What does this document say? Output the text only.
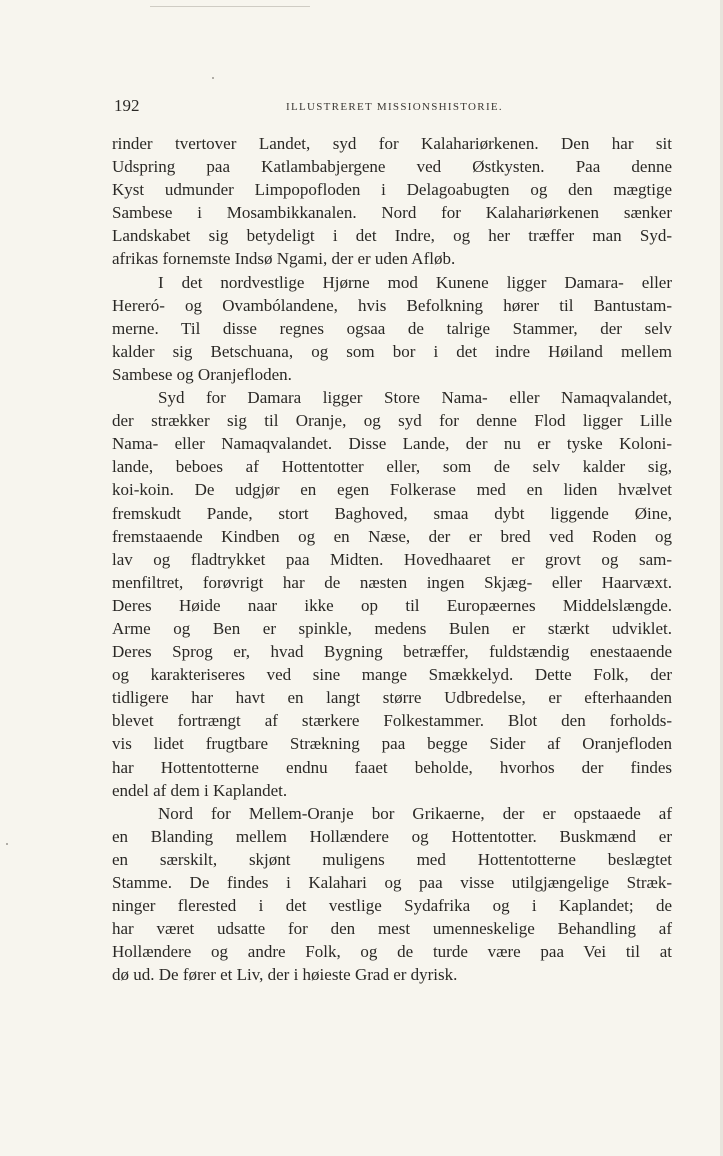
192	ILLUSTRERET MISSIONSHISTORIE.
rinder tvertover Landet, syd for Kalahariørkenen. Den har sit
Udspring paa Katlambabjergene ved Østkysten. Paa denne
Kyst udmunder Limpopofloden i Delagoabugten og den mægtige
Sambese i Mosambikkanalen. Nord for Kalahariørkenen sænker
Landskabet sig betydeligt i det Indre, og her træffer man Syd-
afrikas fornemste Indsø Ngami, der er uden Afløb.
I det nordvestlige Hjørne mod Kunene ligger Damara- eller
Hereró- og Ovambólandene, hvis Befolkning hører til Bantustam-
merne. Til disse regnes ogsaa de talrige Stammer, der selv
kalder sig Betschuana, og som bor i det indre Høiland mellem
Sambese og Oranjefloden.
Syd for Damara ligger Store Nama- eller Namaqvalandet,
der strækker sig til Oranje, og syd for denne Flod ligger Lille
Nama- eller Namaqvalandet. Disse Lande, der nu er tyske Koloni-
lande, beboes af Hottentotter eller, som de selv kalder sig,
koi-koin. De udgjør en egen Folkerase med en liden hvælvet
fremskudt Pande, stort Baghoved, smaa dybt liggende Øine,
fremstaaende Kindben og en Næse, der er bred ved Roden og
lav og fladtrykket paa Midten. Hovedhaaret er grovt og sam-
menfiltret, forøvrigt har de næsten ingen Skjæg- eller Haarvæxt.
Deres Høide naar ikke op til Europæernes Middelslængde.
Arme og Ben er spinkle, medens Bulen er stærkt udviklet.
Deres Sprog er, hvad Bygning betræffer, fuldstændig enestaaende
og karakteriseres ved sine mange Smækkelyd. Dette Folk, der
tidligere har havt en langt større Udbredelse, er efterhaanden
blevet fortrængt af stærkere Folkestammer. Blot den forholds-
vis lidet frugtbare Strækning paa begge Sider af Oranjefloden
har Hottentotterne endnu faaet beholde, hvorhos der findes
endel af dem i Kaplandet.
Nord for Mellem-Oranje bor Grikaerne, der er opstaaede af
en Blanding mellem Hollændere og Hottentotter. Buskmænd er
en særskilt, skjønt muligens med Hottentotterne beslægtet
Stamme. De findes i Kalahari og paa visse utilgjængelige Stræk-
ninger flerested i det vestlige Sydafrika og i Kaplandet; de
har været udsatte for den mest umenneskelige Behandling af
Hollændere og andre Folk, og de turde være paa Vei til at
dø ud. De fører et Liv, der i høieste Grad er dyrisk.
